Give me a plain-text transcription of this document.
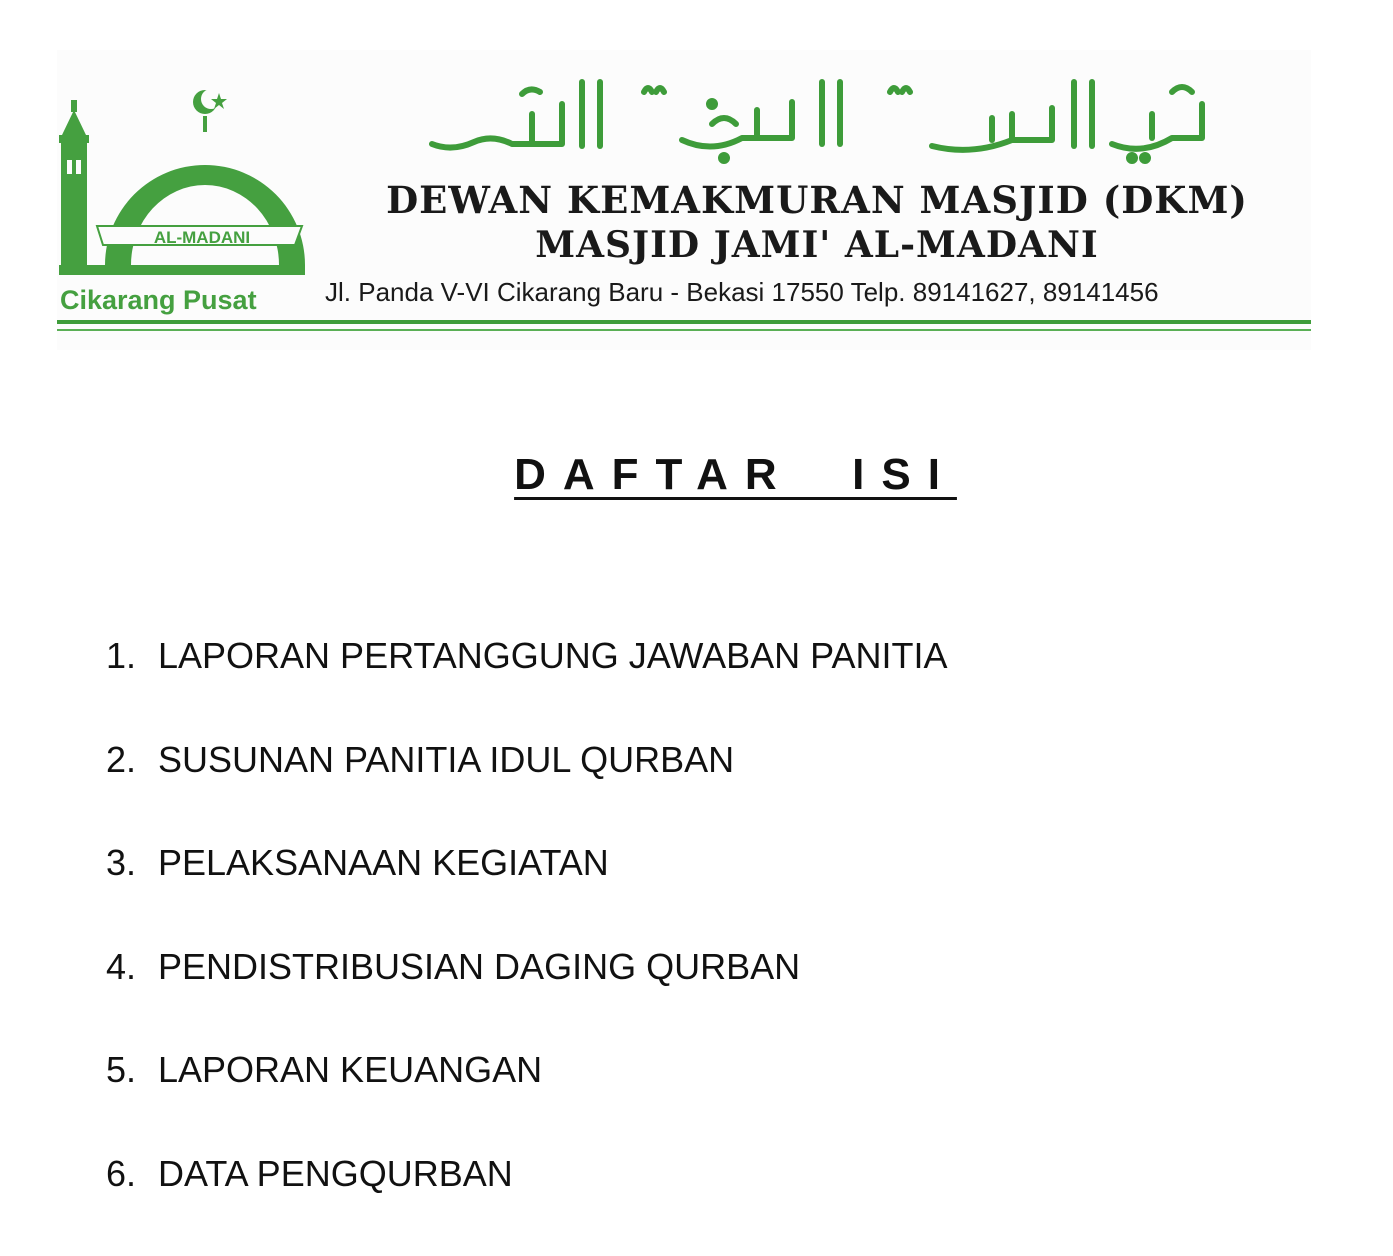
AL-MADANI
Cikarang Pusat
DEWAN KEMAKMURAN MASJID (DKM)
MASJID JAMI' AL-MADANI
Jl. Panda V-VI Cikarang Baru - Bekasi 17550 Telp. 89141627, 89141456
DAFTAR  ISI
1. LAPORAN PERTANGGUNG JAWABAN PANITIA
2. SUSUNAN PANITIA IDUL QURBAN
3. PELAKSANAAN KEGIATAN
4. PENDISTRIBUSIAN DAGING QURBAN
5. LAPORAN KEUANGAN
6. DATA PENGQURBAN
